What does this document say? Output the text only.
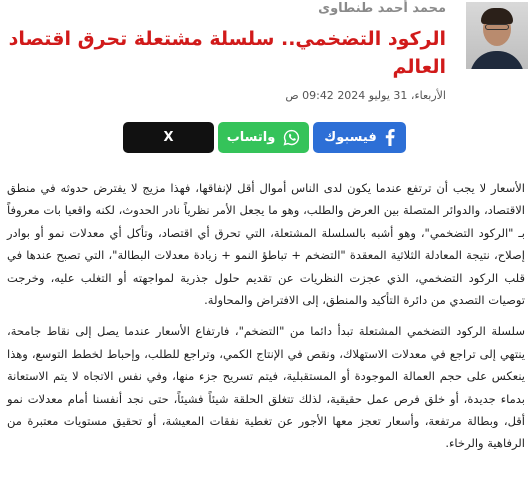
محمد أحمد طنطاوى
الركود التضخمي.. سلسلة مشتعلة تحرق اقتصاد العالم
الأربعاء، 31 يوليو 2024 09:42 ص
فيسبوك
واتساب
X

الأسعار لا يجب أن ترتفع عندما يكون لدى الناس أموال أقل لإنفاقها، فهذا مزيج لا يفترض حدوثه في منطق الاقتصاد، والدوائر المتصلة بين العرض والطلب، وهو ما يجعل الأمر نظرياً نادر الحدوث، لكنه واقعيا بات معروفاً بـ "الركود التضخمي"، وهو أشبه بالسلسلة المشتعلة، التي تحرق أي اقتصاد، وتأكل أي معدلات نمو أو بوادر إصلاح، نتيجة المعادلة الثلاثية المعقدة "التضخم + تباطؤ النمو + زيادة معدلات البطالة"، التي تصبح عندها في قلب الركود التضخمي، الذي عجزت النظريات عن تقديم حلول جذرية لمواجهته أو التغلب عليه، وخرجت توصيات التصدي من دائرة التأكيد والمنطق، إلى الافتراض والمحاولة.

سلسلة الركود التضخمي المشتعلة تبدأ دائما من "التضخم"، فارتفاع الأسعار عندما يصل إلى نقاط جامحة، ينتهي إلى تراجع في معدلات الاستهلاك، ونقص في الإنتاج الكمي، وتراجع للطلب، وإحباط لخطط التوسع، وهذا ينعكس على حجم العمالة الموجودة أو المستقبلية، فيتم تسريح جزء منها، وفي نفس الاتجاه لا يتم الاستعانة بدماء جديدة، أو خلق فرص عمل حقيقية، لذلك تتغلق الحلقة شيئاً فشيئاً، حتى نجد أنفسنا أمام معدلات نمو أقل، وبطالة مرتفعة، وأسعار تعجز معها الأجور عن تغطية نفقات المعيشة، أو تحقيق مستويات معتبرة من الرفاهية والرخاء.
